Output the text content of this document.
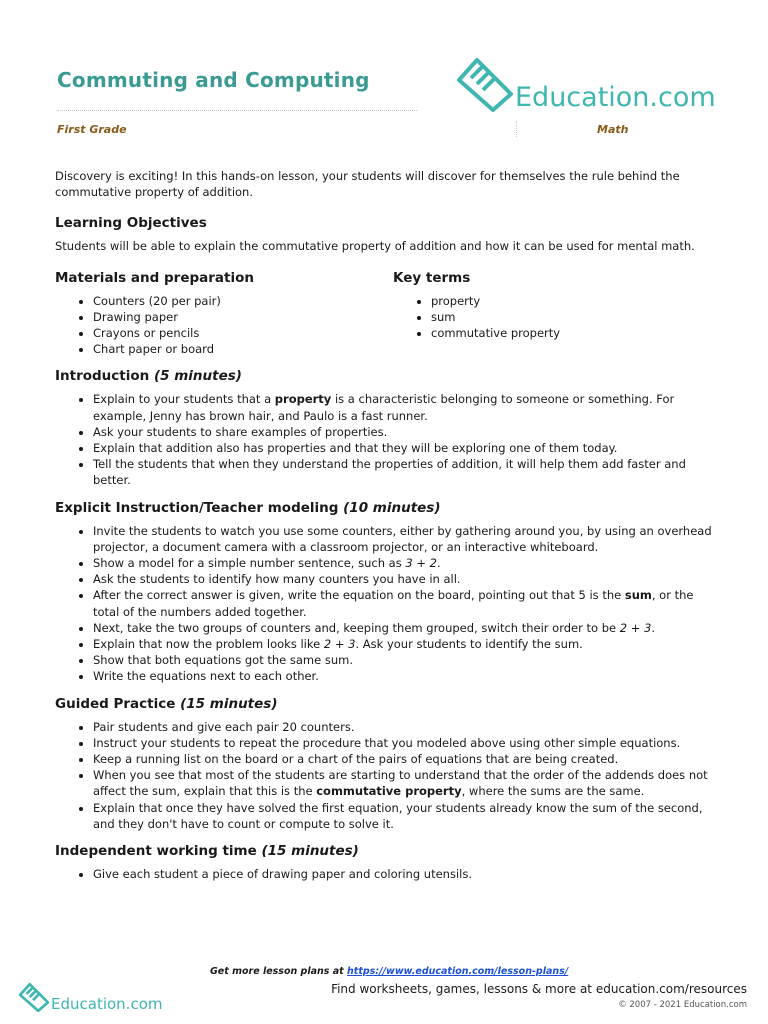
Commuting and Computing
Education.com
First Grade	Math

Discovery is exciting! In this hands-on lesson, your students will discover for themselves the rule behind the commutative property of addition.

Learning Objectives

Students will be able to explain the commutative property of addition and how it can be used for mental math.

Materials and preparation
• Counters (20 per pair)
• Drawing paper
• Crayons or pencils
• Chart paper or board
Key terms
• property
• sum
• commutative property
Introduction (5 minutes)
• Explain to your students that a property is a characteristic belonging to someone or something. For example, Jenny has brown hair, and Paulo is a fast runner.
• Ask your students to share examples of properties.
• Explain that addition also has properties and that they will be exploring one of them today.
• Tell the students that when they understand the properties of addition, it will help them add faster and better.
Explicit Instruction/Teacher modeling (10 minutes)
• Invite the students to watch you use some counters, either by gathering around you, by using an overhead projector, a document camera with a classroom projector, or an interactive whiteboard.
• Show a model for a simple number sentence, such as 3 + 2.
• Ask the students to identify how many counters you have in all.
• After the correct answer is given, write the equation on the board, pointing out that 5 is the sum, or the total of the numbers added together.
• Next, take the two groups of counters and, keeping them grouped, switch their order to be 2 + 3.
• Explain that now the problem looks like 2 + 3. Ask your students to identify the sum.
• Show that both equations got the same sum.
• Write the equations next to each other.
Guided Practice (15 minutes)
• Pair students and give each pair 20 counters.
• Instruct your students to repeat the procedure that you modeled above using other simple equations.
• Keep a running list on the board or a chart of the pairs of equations that are being created.
• When you see that most of the students are starting to understand that the order of the addends does not affect the sum, explain that this is the commutative property, where the sums are the same.
• Explain that once they have solved the first equation, your students already know the sum of the second, and they don't have to count or compute to solve it.
Independent working time (15 minutes)
• Give each student a piece of drawing paper and coloring utensils.
Get more lesson plans at https://www.education.com/lesson-plans/
Education.com
Find worksheets, games, lessons & more at education.com/resources
© 2007 - 2021 Education.com
